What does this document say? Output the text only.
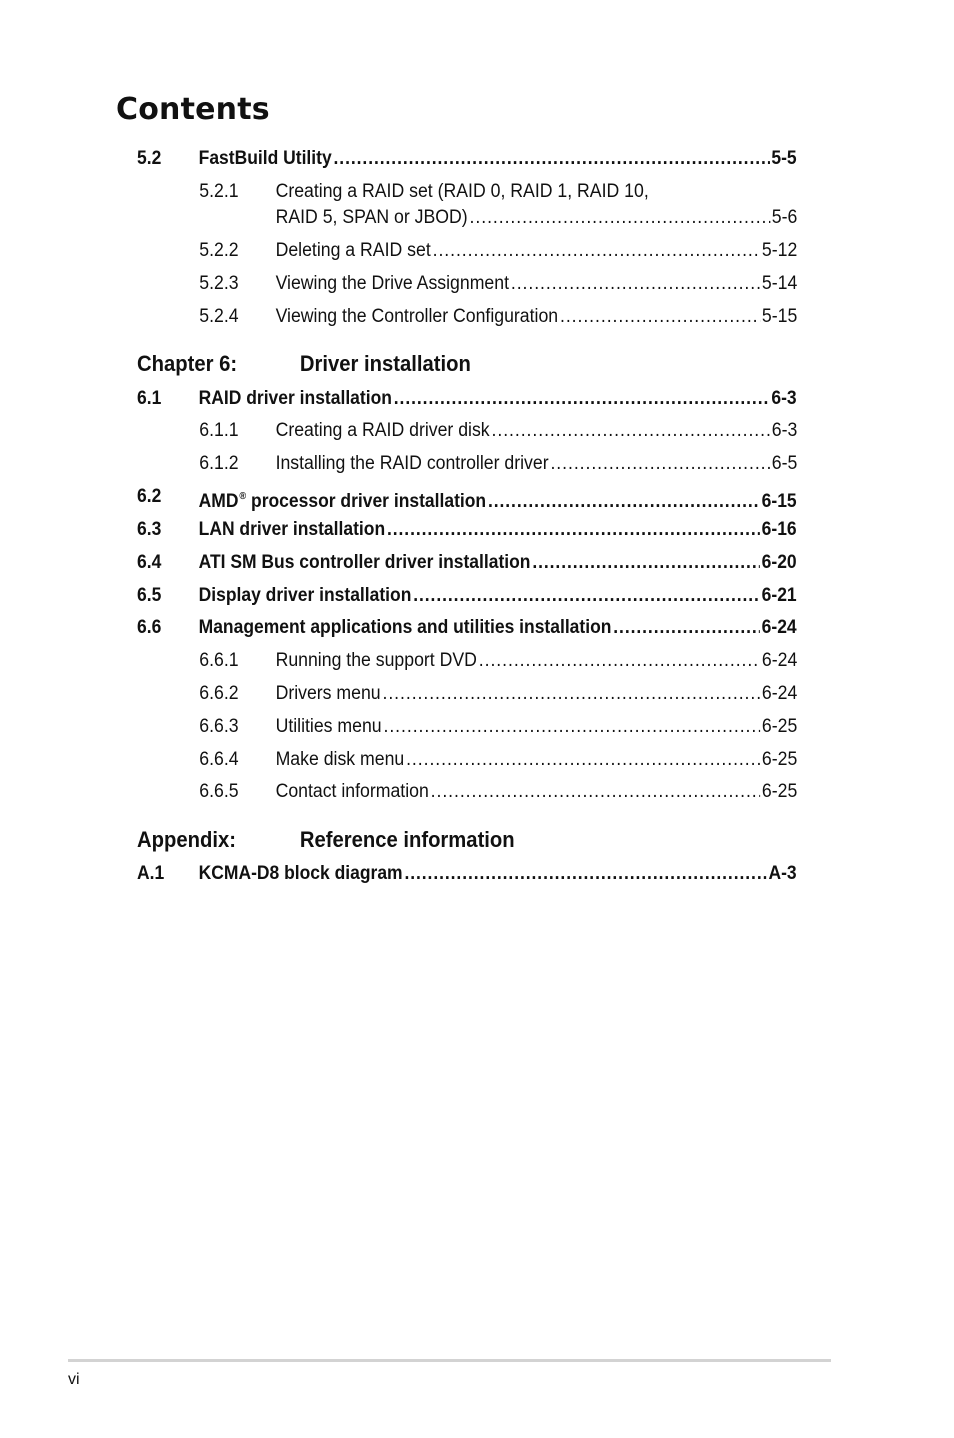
Contents
5.2 FastBuild Utility .....	5-5
5.2.1 Creating a RAID set (RAID 0, RAID 1, RAID 10,
RAID 5, SPAN or JBOD) .....	5-6
5.2.2 Deleting a RAID set .....	5-12
5.2.3 Viewing the Drive Assignment .....	5-14
5.2.4 Viewing the Controller Configuration .....	5-15
Chapter 6:	Driver installation
6.1 RAID driver installation .....	6-3
6.1.1 Creating a RAID driver disk .....	6-3
6.1.2 Installing the RAID controller driver .....	6-5
6.2 AMD® processor driver installation .....	6-15
6.3 LAN driver installation .....	6-16
6.4 ATI SM Bus controller driver installation .....	6-20
6.5 Display driver installation .....	6-21
6.6 Management applications and utilities installation .....	6-24
6.6.1 Running the support DVD .....	6-24
6.6.2 Drivers menu .....	6-24
6.6.3 Utilities menu .....	6-25
6.6.4 Make disk menu .....	6-25
6.6.5 Contact information .....	6-25
Appendix:	Reference information
A.1 KCMA-D8 block diagram .....	A-3
vi
